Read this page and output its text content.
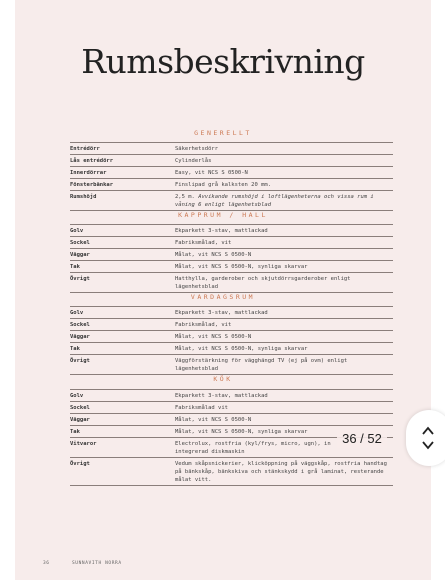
Rumsbeskrivning
GENERELLT
Entrédörr	Säkerhetsdörr
Lås entrédörr	Cylinderlås
Innerdörrar	Easy, vit NCS S 0500-N
Fönsterbänkar	Finslipad grå kalksten 20 mm.
Rumshöjd	2,5 m. Avvikande rumshöjd i loftlägenheterna och vissa rum i våning 6 enligt lägenhetsblad
KAPPRUM / HALL
Golv	Ekparkett 3-stav, mattlackad
Sockel	Fabriksmålad, vit
Väggar	Målat, vit NCS S 0500-N
Tak	Målat, vit NCS S 0500-N, synliga skarvar
Övrigt	Hatthylla, garderober och skjutdörrsgarderober enligt lägenhetsblad
VARDAGSRUM
Golv	Ekparkett 3-stav, mattlackad
Sockel	Fabriksmålad, vit
Väggar	Målat, vit NCS S 0500-N
Tak	Målat, vit NCS S 0500-N, synliga skarvar
Övrigt	Väggförstärkning för vägghängd TV (ej på ovm) enligt lägenhetsblad
KÖK
Golv	Ekparkett 3-stav, mattlackad
Sockel	Fabriksmålad vit
Väggar	Målat, vit NCS S 0500-N
Tak	Målat, vit NCS S 0500-N, synliga skarvar
Vitvaror	Electrolux, rostfria (kyl/frys, micro, ugn), in integrerad diskmaskin
Övrigt	Vedum skåpsnickerier, klicköppning på väggskåp, rostfria handtag på bänkskåp, bänkskiva och stänkskydd i grå laminat, resterande målat vitt.
36	SUNNAVITH NORRA
36 / 52
